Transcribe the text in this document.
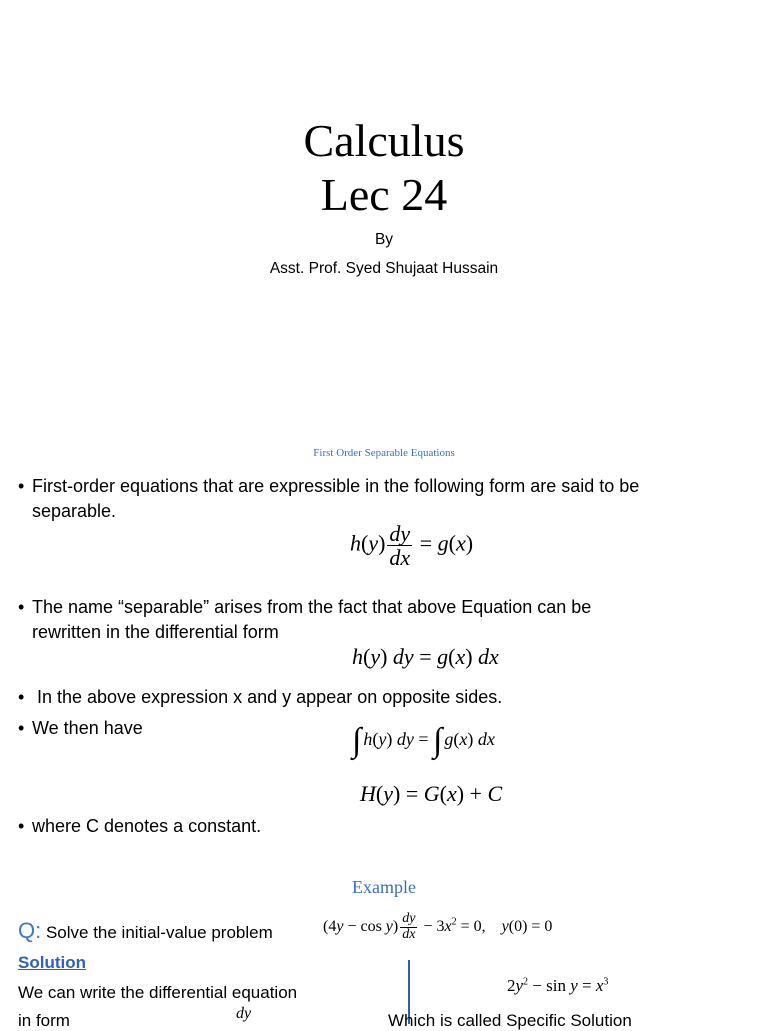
Calculus
Lec 24
By
Asst. Prof. Syed Shujaat Hussain
First Order Separable Equations
• First-order equations that are expressible in the following form are said to be
separable.
$h(y) \frac{dy}{dx} = g(x)$
• The name “separable” arises from the fact that above Equation can be
rewritten in the differential form
h(y) dy = g(x) dx
• In the above expression x and y appear on opposite sides.
• We then have	∫ h(y) dy = ∫ g(x) dx
H(y) = G(x) + C
• where C denotes a constant.
Example
Q: Solve the initial-value problem	$(4y - \cos y) \frac{dy}{dx} - 3x^2 = 0$,    y(0) = 0
Solution
$2y^2 - \sin y = x^3$
We can write the differential equation
in form	dy	Which is called Specific Solution
